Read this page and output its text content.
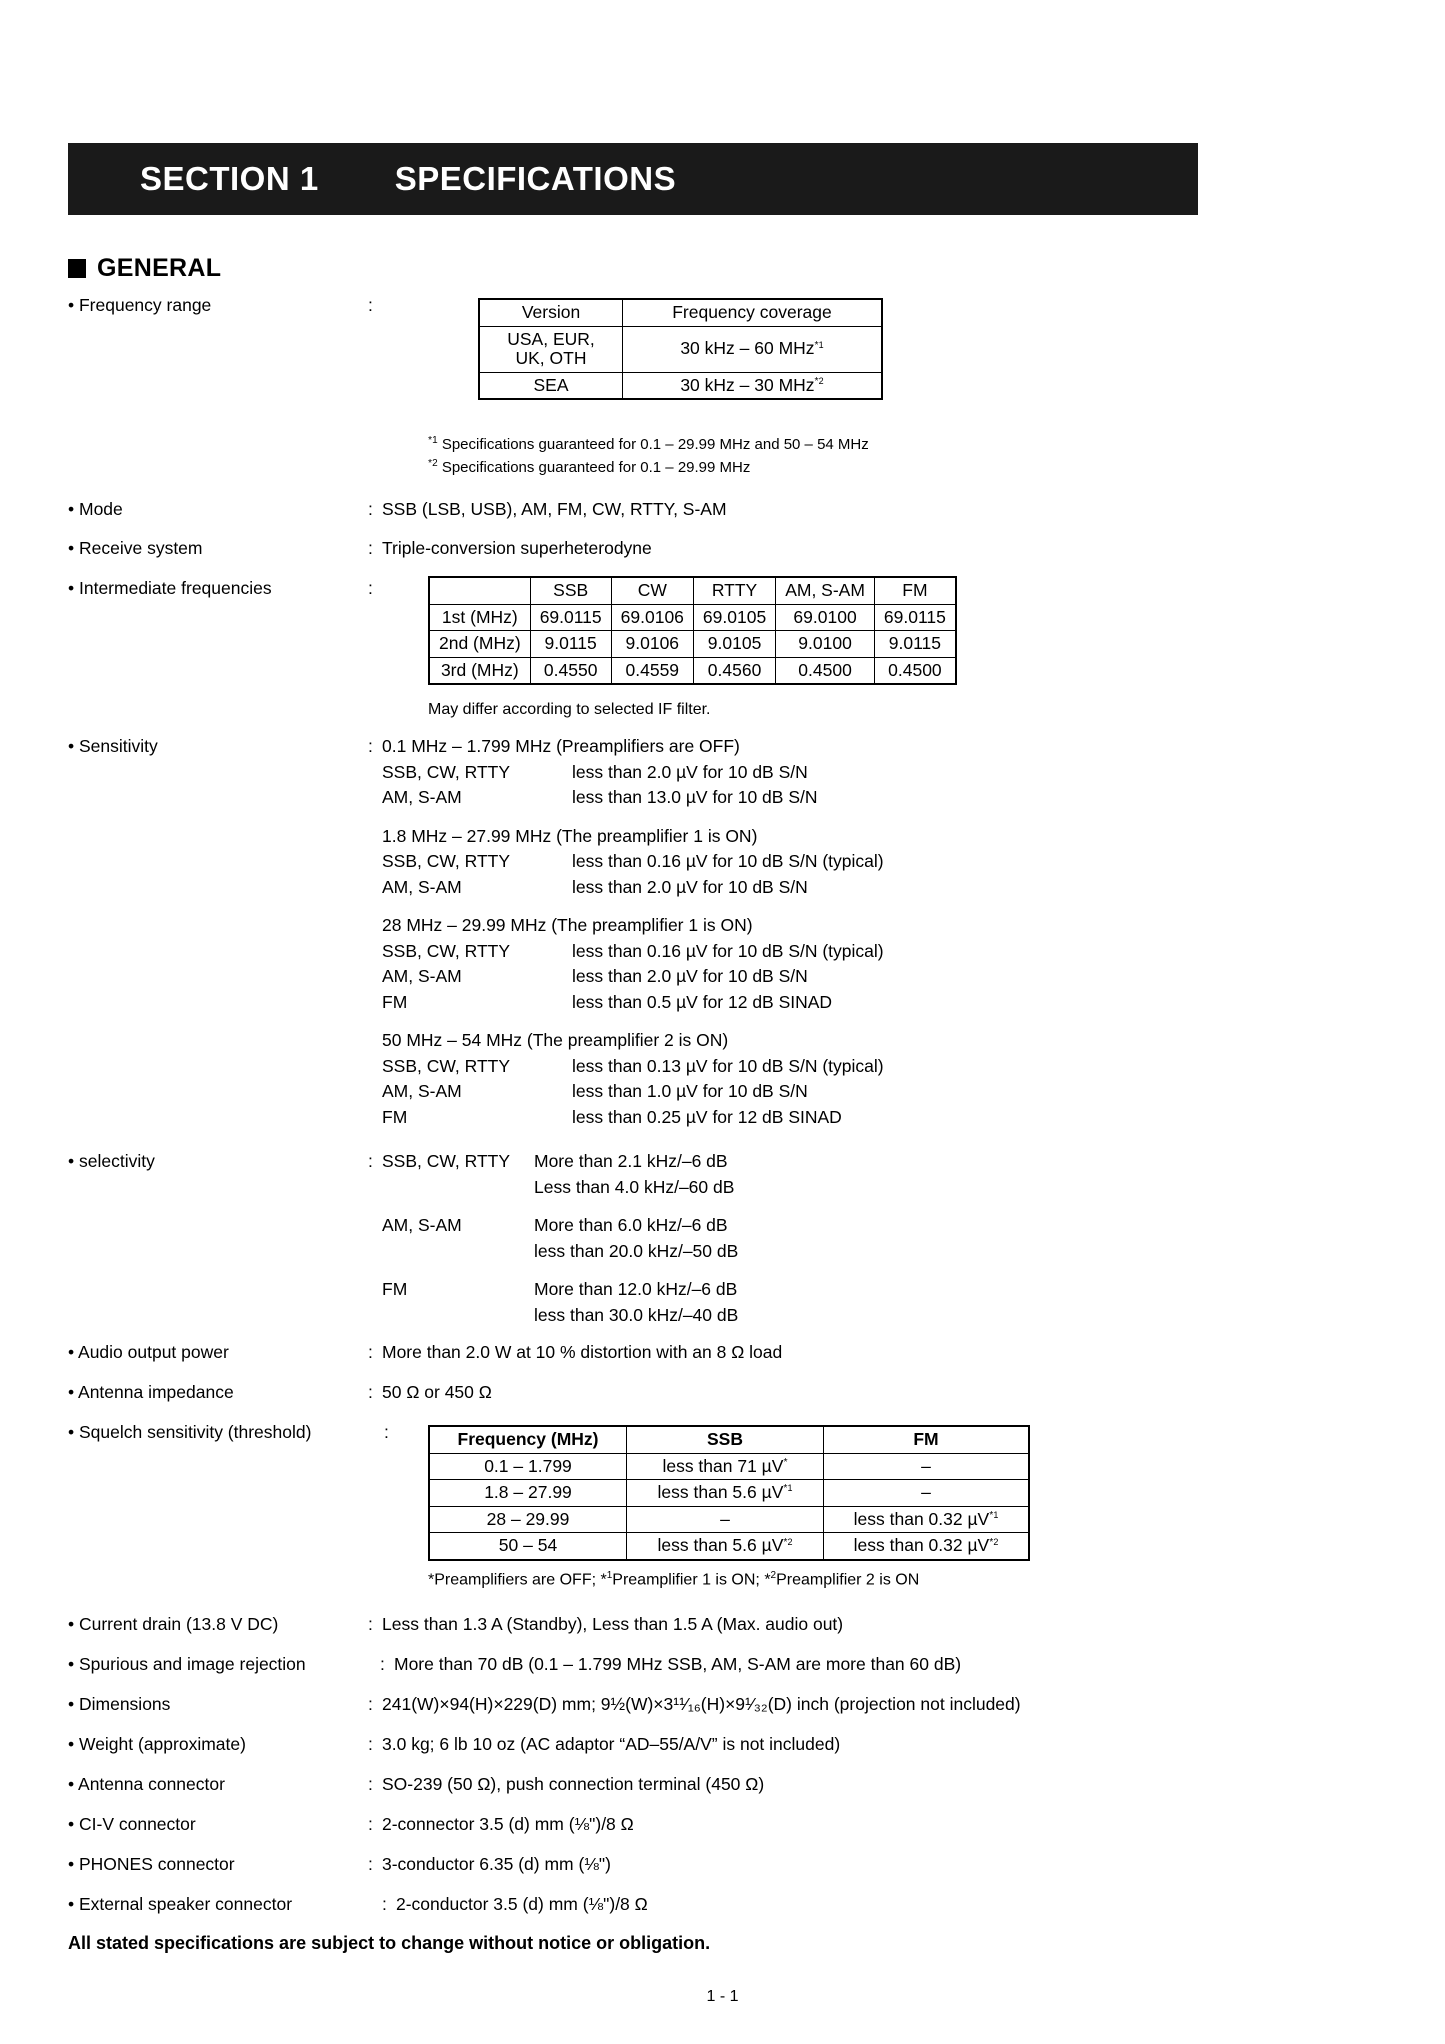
SECTION 1 SPECIFICATIONS
GENERAL
• Frequency range	:	Version	Frequency coverage
USA, EUR,
UK, OTH	30 kHz – 60 MHz$^{*1}$
SEA	30 kHz – 30 MHz$^{*2}$
$^{*1}$ Specifications guaranteed for 0.1 – 29.99 MHz and 50 – 54 MHz
$^{*2}$ Specifications guaranteed for 0.1 – 29.99 MHz
• Mode	: SSB (LSB, USB), AM, FM, CW, RTTY, S-AM
• Receive system	: Triple-conversion superheterodyne
• Intermediate frequencies	:
		SSB	CW	RTTY	AM, S-AM	FM
1st (MHz)	69.0115	69.0106	69.0105	69.0100	69.0115
2nd (MHz)	9.0115	9.0106	9.0105	9.0100	9.0115
3rd (MHz)	0.4550	0.4559	0.4560	0.4500	0.4500
May differ according to selected IF filter.
• Sensitivity	: 0.1 MHz – 1.799 MHz (Preamplifiers are OFF)
SSB, CW, RTTY	less than 2.0 µV for 10 dB S/N
AM, S-AM	less than 13.0 µV for 10 dB S/N
1.8 MHz – 27.99 MHz (The preamplifier 1 is ON)
SSB, CW, RTTY	less than 0.16 µV for 10 dB S/N (typical)
AM, S-AM	less than 2.0 µV for 10 dB S/N
28 MHz – 29.99 MHz (The preamplifier 1 is ON)
SSB, CW, RTTY	less than 0.16 µV for 10 dB S/N (typical)
AM, S-AM	less than 2.0 µV for 10 dB S/N
FM	less than 0.5 µV for 12 dB SINAD
50 MHz – 54 MHz (The preamplifier 2 is ON)
SSB, CW, RTTY	less than 0.13 µV for 10 dB S/N (typical)
AM, S-AM	less than 1.0 µV for 10 dB S/N
FM	less than 0.25 µV for 12 dB SINAD
• selectivity	: SSB, CW, RTTY	More than 2.1 kHz/–6 dB
Less than 4.0 kHz/–60 dB
AM, S-AM	More than 6.0 kHz/–6 dB
less than 20.0 kHz/–50 dB
FM	More than 12.0 kHz/–6 dB
less than 30.0 kHz/–40 dB
• Audio output power	: More than 2.0 W at 10 % distortion with an 8 Ω load
• Antenna impedance	: 50 Ω or 450 Ω
• Squelch sensitivity (threshold)	:	Frequency (MHz)	SSB	FM
0.1 – 1.799	less than 71 µV*	–
1.8 – 27.99	less than 5.6 µV$^{*1}$	–
28 – 29.99	–	less than 0.32 µV$^{*1}$
50 – 54	less than 5.6 µV$^{*2}$	less than 0.32 µV$^{*2}$
*Preamplifiers are OFF; *$^1$Preamplifier 1 is ON; *$^2$Preamplifier 2 is ON
• Current drain (13.8 V DC)	: Less than 1.3 A (Standby), Less than 1.5 A (Max. audio out)
• Spurious and image rejection	: More than 70 dB (0.1 – 1.799 MHz SSB, AM, S-AM are more than 60 dB)
• Dimensions	: 241(W)×94(H)×229(D) mm; 9½(W)×3¹¹⁄₁₆(H)×9¹⁄₃₂(D) inch (projection not included)
• Weight (approximate)	: 3.0 kg; 6 lb 10 oz (AC adaptor “AD–55/A/V” is not included)
• Antenna connector	: SO-239 (50 Ω), push connection terminal (450 Ω)
• CI-V connector	: 2-connector 3.5 (d) mm (⅛")/8 Ω
• PHONES connector	: 3-conductor 6.35 (d) mm (⅛")
• External speaker connector	: 2-conductor 3.5 (d) mm (⅛")/8 Ω
All stated specifications are subject to change without notice or obligation.
1 - 1
